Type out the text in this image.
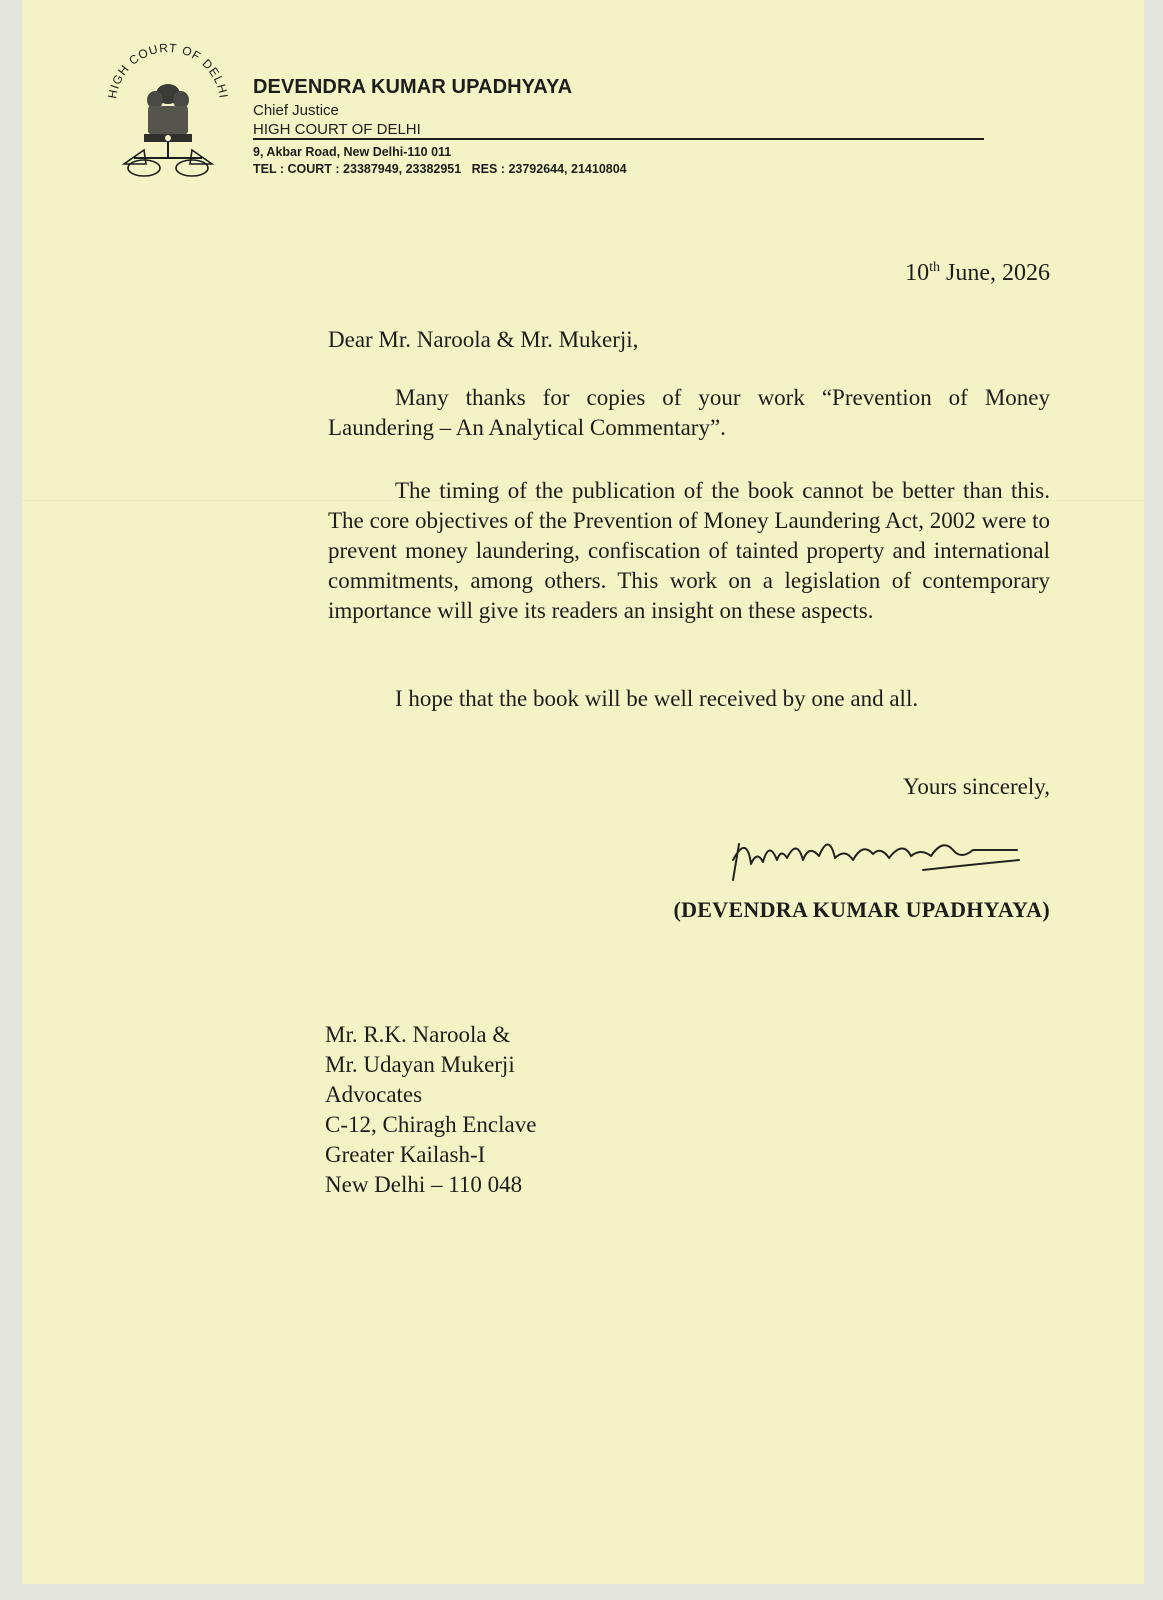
HIGH COURT OF DELHI DEVENDRA KUMAR UPADHYAYA
Chief Justice
HIGH COURT OF DELHI
9, Akbar Road, New Delhi-110 011
TEL : COURT : 23387949, 23382951   RES : 23792644, 21410804
10th June, 2026
Dear Mr. Naroola & Mr. Mukerji,

Many thanks for copies of your work “Prevention of Money Laundering – An Analytical Commentary”.

The timing of the publication of the book cannot be better than this. The core objectives of the Prevention of Money Laundering Act, 2002 were to prevent money laundering, confiscation of tainted property and international commitments, among others. This work on a legislation of contemporary importance will give its readers an insight on these aspects.

I hope that the book will be well received by one and all.
Yours sincerely,
(DEVENDRA KUMAR UPADHYAYA)
Mr. R.K. Naroola &
Mr. Udayan Mukerji
Advocates
C-12, Chiragh Enclave
Greater Kailash-I
New Delhi – 110 048
